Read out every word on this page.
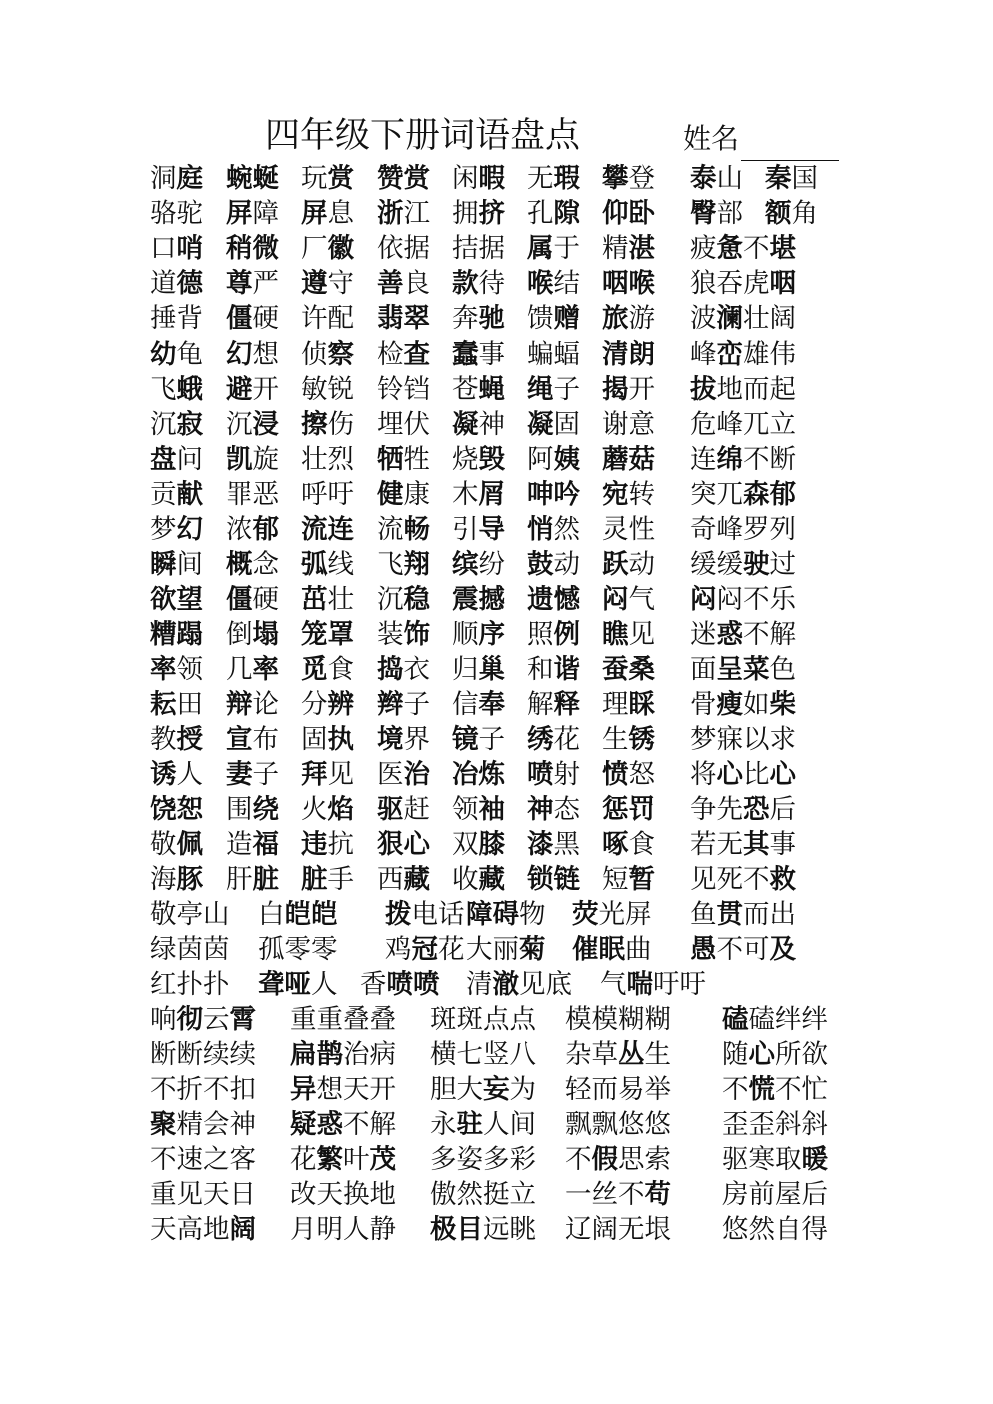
四年级下册词语盘点	姓名
洞庭 蜿蜒 玩赏 赞赏 闲暇 无瑕 攀登 泰山 秦国
骆驼 屏障 屏息 浙江 拥挤 孔隙 仰卧 臀部 额角
口哨 稍微 厂徽 依据 拮据 属于 精湛 疲惫不堪
道德 尊严 遵守 善良 款待 喉结 咽喉 狼吞虎咽
捶背 僵硬 许配 翡翠 奔驰 馈赠 旅游 波澜壮阔
幼龟 幻想 侦察 检查 蠢事 蝙蝠 清朗 峰峦雄伟
飞蛾 避开 敏锐 铃铛 苍蝇 绳子 揭开 拔地而起
沉寂 沉浸 擦伤 埋伏 凝神 凝固 谢意 危峰兀立
盘问 凯旋 壮烈 牺牲 烧毁 阿姨 蘑菇 连绵不断
贡献 罪恶 呼吁 健康 木屑 呻吟 宛转 突兀森郁
梦幻 浓郁 流连 流畅 引导 悄然 灵性 奇峰罗列
瞬间 概念 弧线 飞翔 缤纷 鼓动 跃动 缓缓驶过
欲望 僵硬 茁壮 沉稳 震撼 遗憾 闷气 闷闷不乐
糟蹋 倒塌 笼罩 装饰 顺序 照例 瞧见 迷惑不解
率领 几率 觅食 捣衣 归巢 和谐 蚕桑 面呈菜色
耘田 辩论 分辨 辫子 信奉 解释 理睬 骨瘦如柴
教授 宣布 固执 境界 镜子 绣花 生锈 梦寐以求
诱人 妻子 拜见 医治 冶炼 喷射 愤怒 将心比心
饶恕 围绕 火焰 驱赶 领袖 神态 惩罚 争先恐后
敬佩 造福 违抗 狠心 双膝 漆黑 啄食 若无其事
海豚 肝脏 脏手 西藏 收藏 锁链 短暂 见死不救
敬亭山 白皑皑 拨电话 障碍物 荧光屏 鱼贯而出
绿茵茵 孤零零 鸡冠花 大丽菊 催眠曲 愚不可及
红扑扑 聋哑人 香喷喷 清澈见底 气喘吁吁
响彻云霄 重重叠叠 斑斑点点 模模糊糊 磕磕绊绊
断断续续 扁鹊治病 横七竖八 杂草丛生 随心所欲
不折不扣 异想天开 胆大妄为 轻而易举 不慌不忙
聚精会神 疑惑不解 永驻人间 飘飘悠悠 歪歪斜斜
不速之客 花繁叶茂 多姿多彩 不假思索 驱寒取暖
重见天日 改天换地 傲然挺立 一丝不苟 房前屋后
天高地阔 月明人静 极目远眺 辽阔无垠 悠然自得
